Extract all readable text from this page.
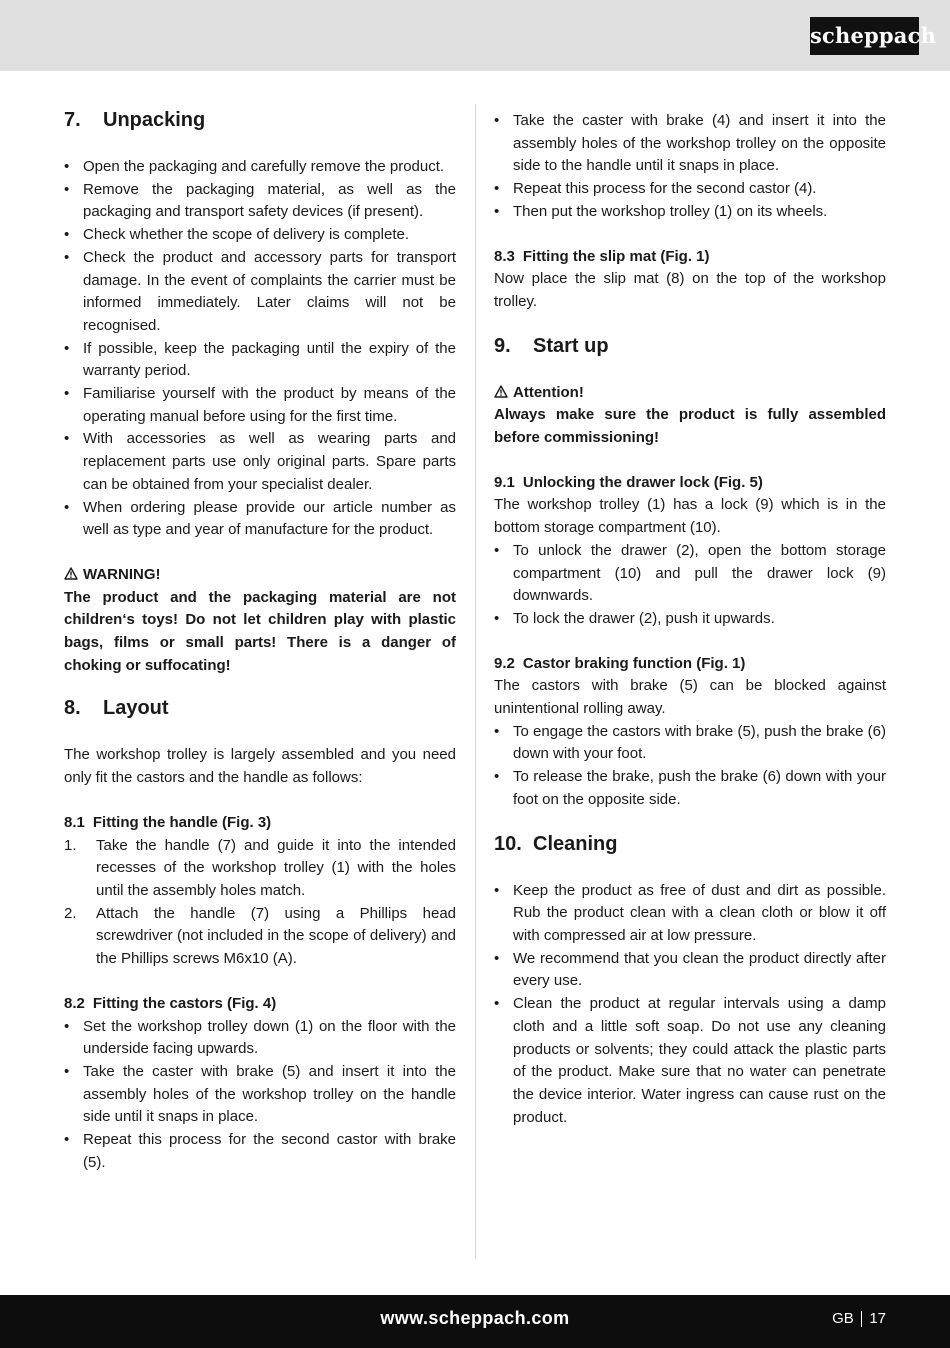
scheppach
7.	Unpacking
• Open the packaging and carefully remove the product.
• Remove the packaging material, as well as the packaging and transport safety devices (if present).
• Check whether the scope of delivery is complete.
• Check the product and accessory parts for transport damage. In the event of complaints the carrier must be informed immediately. Later claims will not be recognised.
• If possible, keep the packaging until the expiry of the warranty period.
• Familiarise yourself with the product by means of the operating manual before using for the first time.
• With accessories as well as wearing parts and replacement parts use only original parts. Spare parts can be obtained from your specialist dealer.
• When ordering please provide our article number as well as type and year of manufacture for the product.
WARNING!
The product and the packaging material are not children‘s toys! Do not let children play with plastic bags, films or small parts! There is a danger of choking or suffocating!
8.	Layout
The workshop trolley is largely assembled and you need only fit the castors and the handle as follows:
8.1 Fitting the handle (Fig. 3)
1. Take the handle (7) and guide it into the intended recesses of the workshop trolley (1) with the holes until the assembly holes match.
2. Attach the handle (7) using a Phillips head screwdriver (not included in the scope of delivery) and the Phillips screws M6x10 (A).
8.2 Fitting the castors (Fig. 4)
• Set the workshop trolley down (1) on the floor with the underside facing upwards.
• Take the caster with brake (5) and insert it into the assembly holes of the workshop trolley on the handle side until it snaps in place.
• Repeat this process for the second castor with brake (5).
• Take the caster with brake (4) and insert it into the assembly holes of the workshop trolley on the opposite side to the handle until it snaps in place.
• Repeat this process for the second castor (4).
• Then put the workshop trolley (1) on its wheels.
8.3 Fitting the slip mat (Fig. 1)
Now place the slip mat (8) on the top of the workshop trolley.
9.	Start up
Attention!
Always make sure the product is fully assembled before commissioning!
9.1 Unlocking the drawer lock (Fig. 5)
The workshop trolley (1) has a lock (9) which is in the bottom storage compartment (10).
• To unlock the drawer (2), open the bottom storage compartment (10) and pull the drawer lock (9) downwards.
• To lock the drawer (2), push it upwards.
9.2 Castor braking function (Fig. 1)
The castors with brake (5) can be blocked against unintentional rolling away.
• To engage the castors with brake (5), push the brake (6) down with your foot.
• To release the brake, push the brake (6) down with your foot on the opposite side.
10. Cleaning
• Keep the product as free of dust and dirt as possible. Rub the product clean with a clean cloth or blow it off with compressed air at low pressure.
• We recommend that you clean the product directly after every use.
• Clean the product at regular intervals using a damp cloth and a little soft soap. Do not use any cleaning products or solvents; they could attack the plastic parts of the product. Make sure that no water can penetrate the device interior. Water ingress can cause rust on the product.
www.scheppach.com	GB 17
